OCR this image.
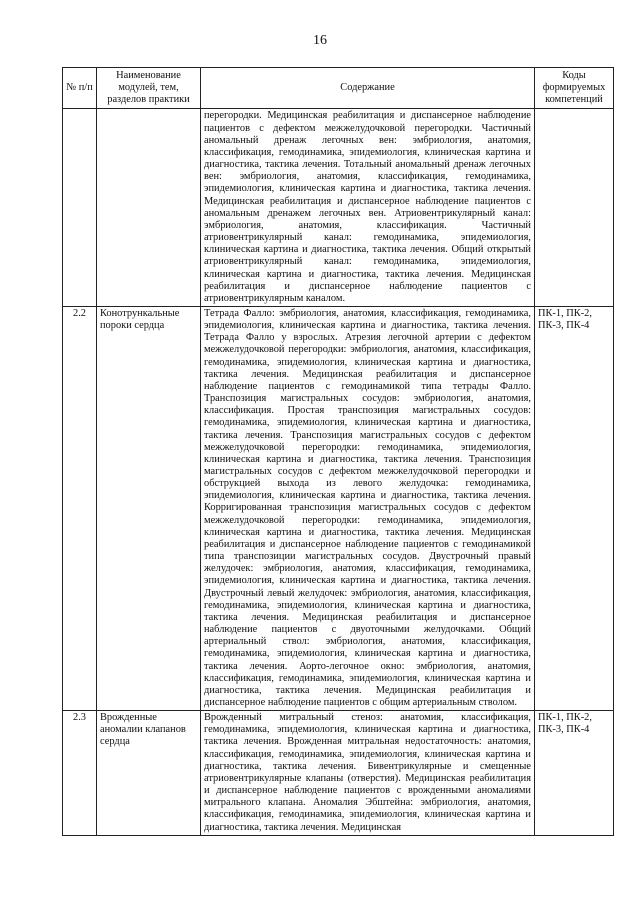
16
№ п/п	Наименование модулей, тем, разделов практики	Содержание	Коды формируемых компетенций
		перегородки. Медицинская реабилитация и диспансерное наблюдение пациентов с дефектом межжелудочковой перегородки. Частичный аномальный дренаж легочных вен: эмбриология, анатомия, классификация, гемодинамика, эпидемиология, клиническая картина и диагностика, тактика лечения. Тотальный аномальный дренаж легочных вен: эмбриология, анатомия, классификация, гемодинамика, эпидемиология, клиническая картина и диагностика, тактика лечения. Медицинская реабилитация и диспансерное наблюдение пациентов с аномальным дренажем легочных вен. Атриовентрикулярный канал: эмбриология, анатомия, классификация. Частичный атриовентрикулярный канал: гемодинамика, эпидемиология, клиническая картина и диагностика, тактика лечения. Общий открытый атриовентрикулярный канал: гемодинамика, эпидемиология, клиническая картина и диагностика, тактика лечения. Медицинская реабилитация и диспансерное наблюдение пациентов с атриовентрикулярным каналом.	
2.2	Конотрункальные пороки сердца	Тетрада Фалло: эмбриология, анатомия, классификация, гемодинамика, эпидемиология, клиническая картина и диагностика, тактика лечения. Тетрада Фалло у взрослых. Атрезия легочной артерии с дефектом межжелудочковой перегородки: эмбриология, анатомия, классификация, гемодинамика, эпидемиология, клиническая картина и диагностика, тактика лечения. Медицинская реабилитация и диспансерное наблюдение пациентов с гемодинамикой типа тетрады Фалло. Транспозиция магистральных сосудов: эмбриология, анатомия, классификация. Простая транспозиция магистральных сосудов: гемодинамика, эпидемиология, клиническая картина и диагностика, тактика лечения. Транспозиция магистральных сосудов с дефектом межжелудочковой перегородки: гемодинамика, эпидемиология, клиническая картина и диагностика, тактика лечения. Транспозиция магистральных сосудов с дефектом межжелудочковой перегородки и обструкцией выхода из левого желудочка: гемодинамика, эпидемиология, клиническая картина и диагностика, тактика лечения. Корригированная транспозиция магистральных сосудов с дефектом межжелудочковой перегородки: гемодинамика, эпидемиология, клиническая картина и диагностика, тактика лечения. Медицинская реабилитация и диспансерное наблюдение пациентов с гемодинамикой типа транспозиции магистральных сосудов. Двустрочный правый желудочек: эмбриология, анатомия, классификация, гемодинамика, эпидемиология, клиническая картина и диагностика, тактика лечения. Двустрочный левый желудочек: эмбриология, анатомия, классификация, гемодинамика, эпидемиология, клиническая картина и диагностика, тактика лечения. Медицинская реабилитация и диспансерное наблюдение пациентов с двуоточными желудочками. Общий артериальный ствол: эмбриология, анатомия, классификация, гемодинамика, эпидемиология, клиническая картина и диагностика, тактика лечения. Аорто-легочное окно: эмбриология, анатомия, классификация, гемодинамика, эпидемиология, клиническая картина и диагностика, тактика лечения. Медицинская реабилитация и диспансерное наблюдение пациентов с общим артериальным стволом.	ПК-1, ПК-2, ПК-3, ПК-4
2.3	Врожденные аномалии клапанов сердца	Врожденный митральный стеноз: анатомия, классификация, гемодинамика, эпидемиология, клиническая картина и диагностика, тактика лечения. Врожденная митральная недостаточность: анатомия, классификация, гемодинамика, эпидемиология, клиническая картина и диагностика, тактика лечения. Бивентрикулярные и смещенные атриовентрикулярные клапаны (отверстия). Медицинская реабилитация и диспансерное наблюдение пациентов с врожденными аномалиями митрального клапана. Аномалия Эбштейна: эмбриология, анатомия, классификация, гемодинамика, эпидемиология, клиническая картина и диагностика, тактика лечения. Медицинская	ПК-1, ПК-2, ПК-3, ПК-4
